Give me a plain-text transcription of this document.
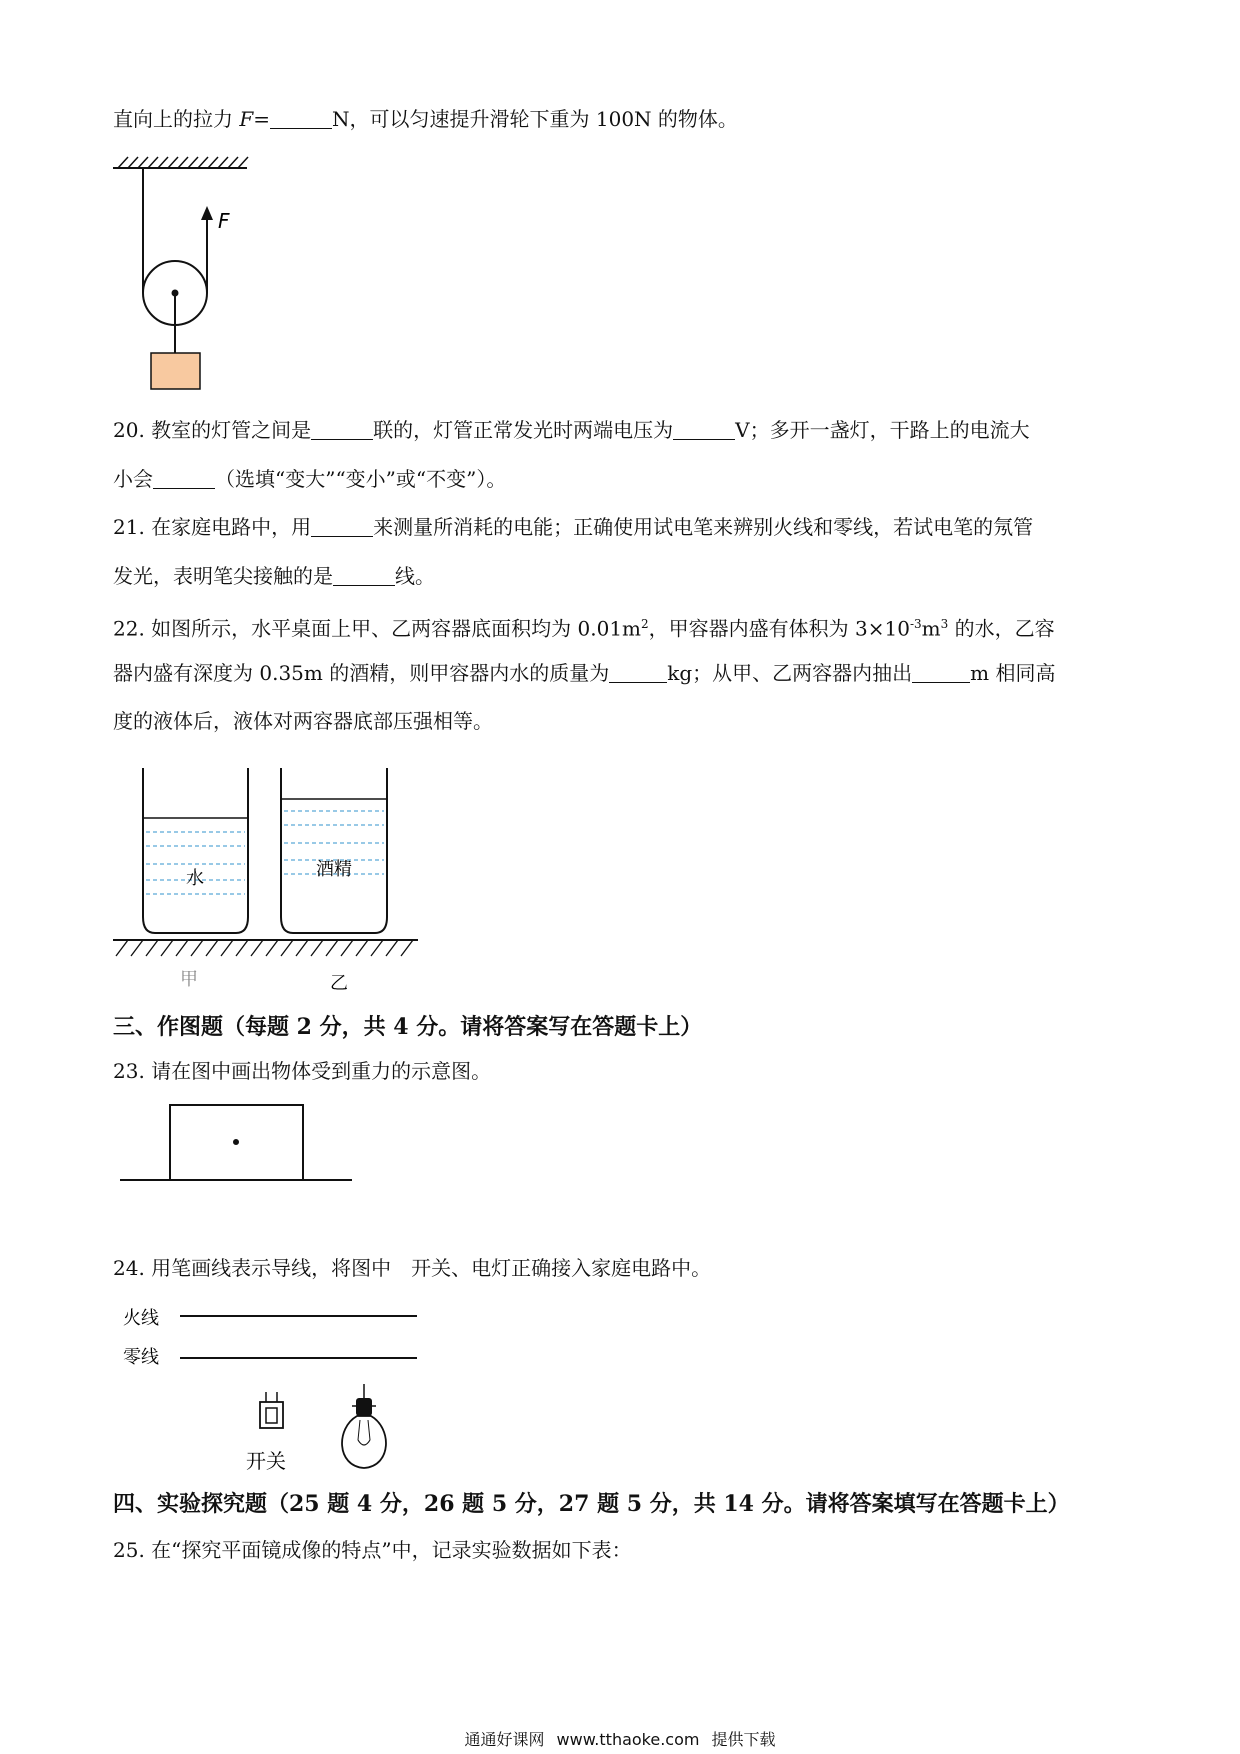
直向上的拉力 F=	N，可以匀速提升滑轮下重为 100N 的物体。
20. 教室的灯管之间是	联的，灯管正常发光时两端电压为	V；多开一盏灯，干路上的电流大
小会	（选填“变大”“变小”或“不变”）。
21. 在家庭电路中，用	来测量所消耗的电能；正确使用试电笔来辨别火线和零线，若试电笔的氖管
发光，表明笔尖接触的是	线。
22. 如图所示，水平桌面上甲、乙两容器底面积均为 $0.01m^2$，甲容器内盛有体积为 $3\times 10^{-3}m^3$ 的水，乙容
器内盛有深度为 0.35m 的酒精，则甲容器内水的质量为	kg；从甲、乙两容器内抽出	m 相同高
度的液体后，液体对两容器底部压强相等。
三、作图题（每题 2 分，共 4 分。请将答案写在答题卡上）
23. 请在图中画出物体受到重力的示意图。
24. 用笔画线表示导线，将图中　开关、电灯正确接入家庭电路中。
四、实验探究题（25 题 4 分，26 题 5 分，27 题 5 分，共 14 分。请将答案填写在答题卡上）
25. 在“探究平面镜成像的特点”中，记录实验数据如下表：
F
水	酒精
甲	乙
火线
零线
开关
通通好课网 www.tthaoke.com 提供下载
